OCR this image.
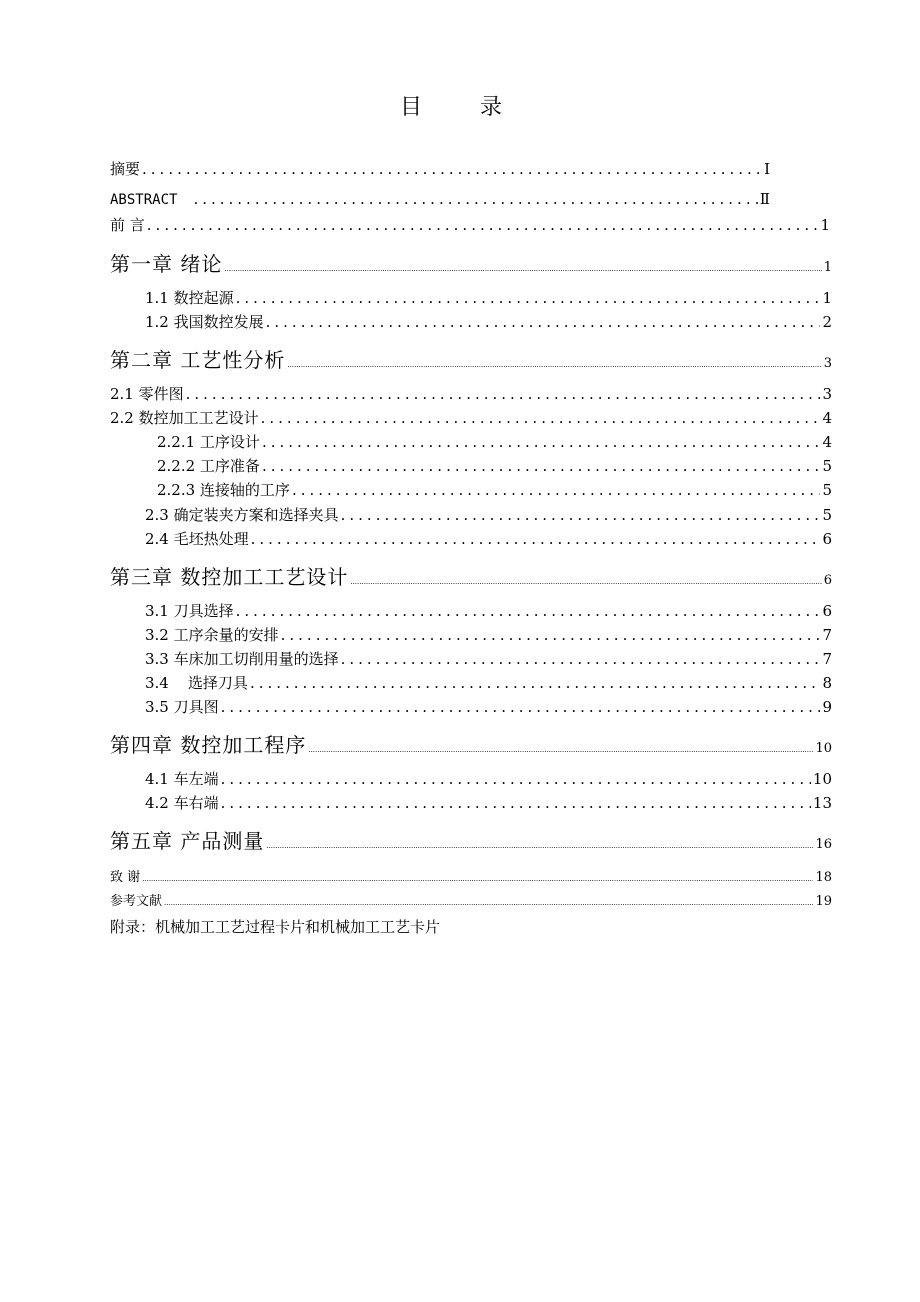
目　录
摘要 .....	Ⅰ
ABSTRACT .....	Ⅱ
前 言 .....	1
第一章 绪论 .....	1
1.1 数控起源 .....	1
1.2 我国数控发展 .....	2
第二章 工艺性分析 .....	3
2.1 零件图 .....	3
2.2 数控加工工艺设计 .....	4
2.2.1 工序设计 .....	4
2.2.2 工序准备 .....	5
2.2.3 连接轴的工序 .....	5
2.3 确定装夹方案和选择夹具 .....	5
2.4 毛坯热处理 .....	6
第三章 数控加工工艺设计 .....	6
3.1 刀具选择 .....	6
3.2 工序余量的安排 .....	7
3.3 车床加工切削用量的选择 .....	7
3.4    选择刀具 .....	8
3.5 刀具图 .....	9
第四章 数控加工程序 .....	10
4.1 车左端 .....	10
4.2 车右端 .....	13
第五章 产品测量 .....	16
致 谢 .....	18
参考文献 .....	19
附录：机械加工工艺过程卡片和机械加工工艺卡片
